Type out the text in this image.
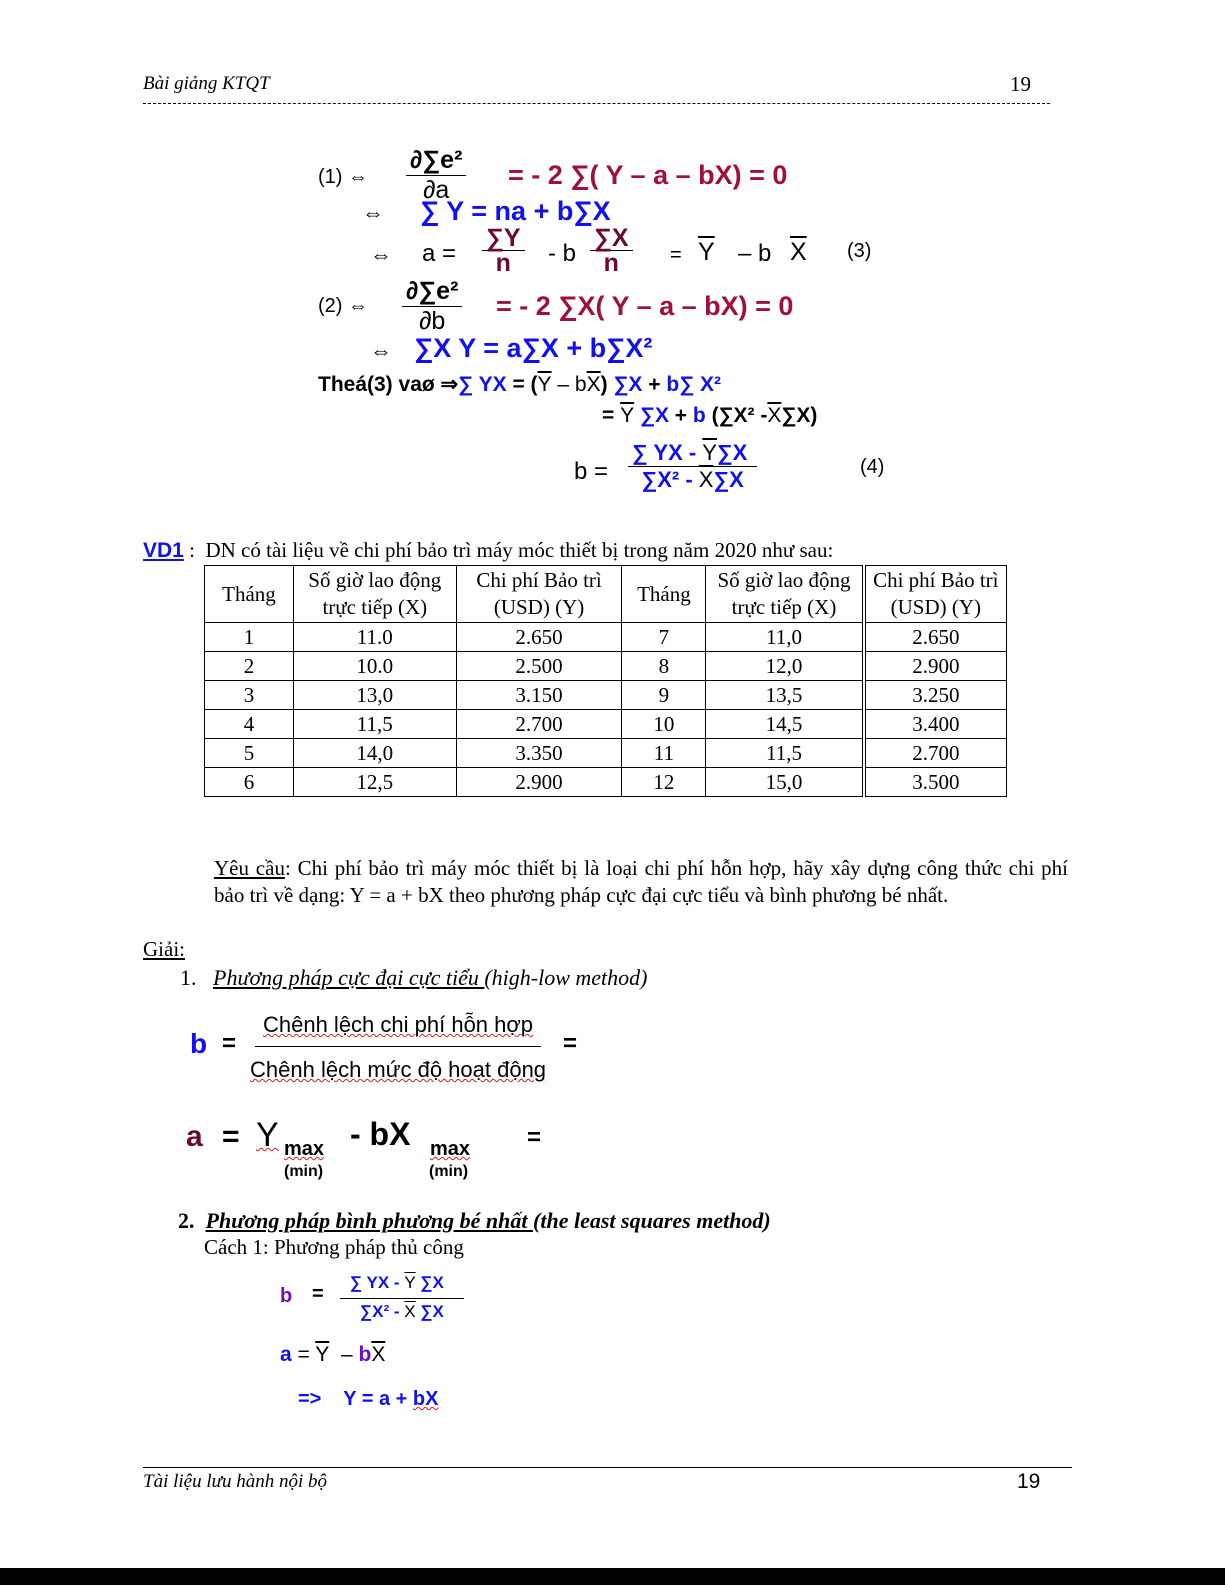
Bài giảng KTQT	19
(1) ⇔ $\frac{\text{∂∑e²}}{\partial a}$ = - 2 ∑( Y – a – bX) = 0
⇔ ∑ Y = na + b∑X
⇔ $a = \frac{\sum Y}{n} - b \frac{\sum X}{n} = \overline{Y} - b$ $\overline{X}$ (3)
(2) ⇔ $\frac{\text{∂∑e²}}{\partial b}$ = - 2 ∑X( Y – a – bX) = 0
⇔ ∑X Y = a∑X + b∑X²
Theá(3) vaø ⇒∑ YX = $(\overline{Y} - b\overline{X}) \sum X + b\sum$ X²
= $\overline{Y}$ ∑X + b (∑X² $-\overline{X}\sum X$)
$b = \frac{\sum YX - \overline{Y}\sum X}{\sum X^2 - \overline{X}\sum X}$	(4)
VD1 : DN có tài liệu về chi phí bảo trì máy móc thiết bị trong năm 2020 như sau:
Tháng	Số giờ lao động trực tiếp (X)	Chi phí Bảo trì (USD) (Y)	Tháng	Số giờ lao động trực tiếp (X)	Chi phí Bảo trì (USD) (Y)
1	11.0	2.650	7	11,0	2.650
2	10.0	2.500	8	12,0	2.900
3	13,0	3.150	9	13,5	3.250
4	11,5	2.700	10	14,5	3.400
5	14,0	3.350	11	11,5	2.700
6	12,5	2.900	12	15,0	3.500
Yêu cầu: Chi phí bảo trì máy móc thiết bị là loại chi phí hỗn hợp, hãy xây dựng công thức chi phí bảo trì về dạng: Y = a + bX theo phương pháp cực đại cực tiểu và bình phương bé nhất.
Giải:
1. Phương pháp cực đại cực tiểu (high-low method)
b =
Chênh lệch chi phí hỗn hợp
Chênh lệch mức độ hoạt động
=
a = Y max
(min)
- bX max
(min)
=
2. Phương pháp bình phương bé nhất (the least squares method)
Cách 1: Phương pháp thủ công
$b = \frac{\sum YX - \overline{Y} \sum X}{\sum X^2 - \overline{X} \sum X}$
$a = \overline{Y} - b\overline{X}$
=> Y = a + bX
Tài liệu lưu hành nội bộ	19
